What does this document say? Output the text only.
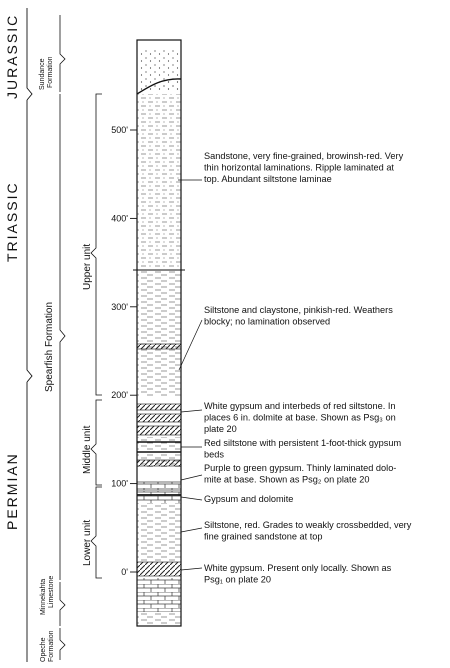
JURASSIC
TRIASSIC
PERMIAN
Sundance Formation
Spearfish Formation
Minnekahta Limestone
Opeche Formation
Upper unit
Middle unit
Lower unit
500'
400'
300'
200'
100'
0'
Sandstone, very fine-grained, browinsh-red. Very thin horizontal laminations. Ripple laminated at top. Abundant siltstone laminae
Siltstone and claystone, pinkish-red. Weathers blocky; no lamination observed
White gypsum and interbeds of red siltstone. In places 6 in. dolmite at base. Shown as Psg₃ on plate 20
Red siltstone with persistent 1-foot-thick gypsum beds
Purple to green gypsum. Thinly laminated dolo-mite at base. Shown as Psg₂ on plate 20
Gypsum and dolomite
Siltstone, red. Grades to weakly crossbedded, very fine grained sandstone at top
White gypsum. Present only locally. Shown as Psg₁ on plate 20
